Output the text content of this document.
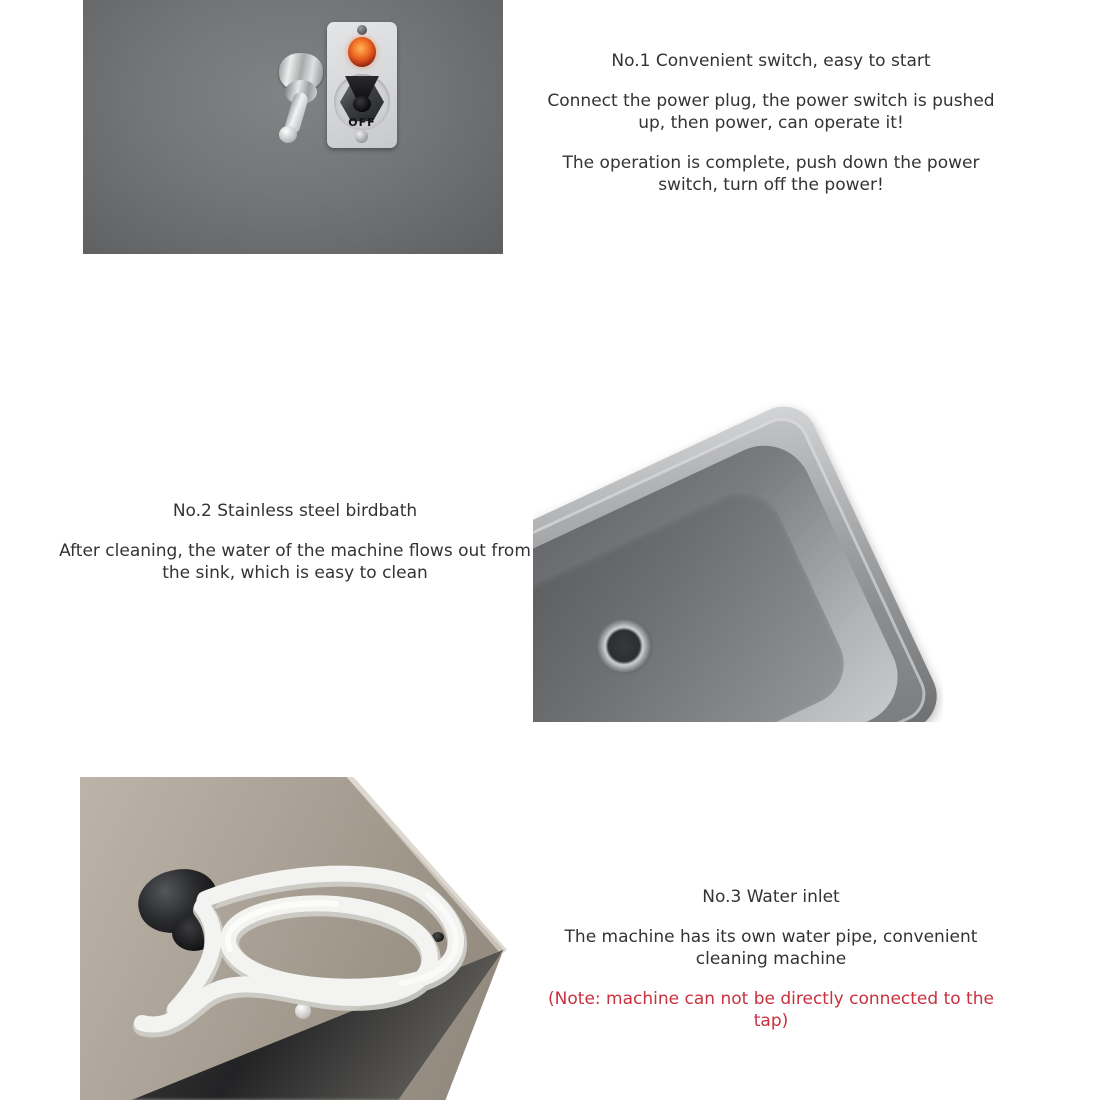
OFF

No.1 Convenient switch, easy to start

Connect the power plug, the power switch is pushed up, then power, can operate it!

The operation is complete, push down the power switch, turn off the power!

No.2 Stainless steel birdbath

After cleaning, the water of the machine flows out from the sink, which is easy to clean

No.3 Water inlet

The machine has its own water pipe, convenient cleaning machine

(Note: machine can not be directly connected to the tap)
